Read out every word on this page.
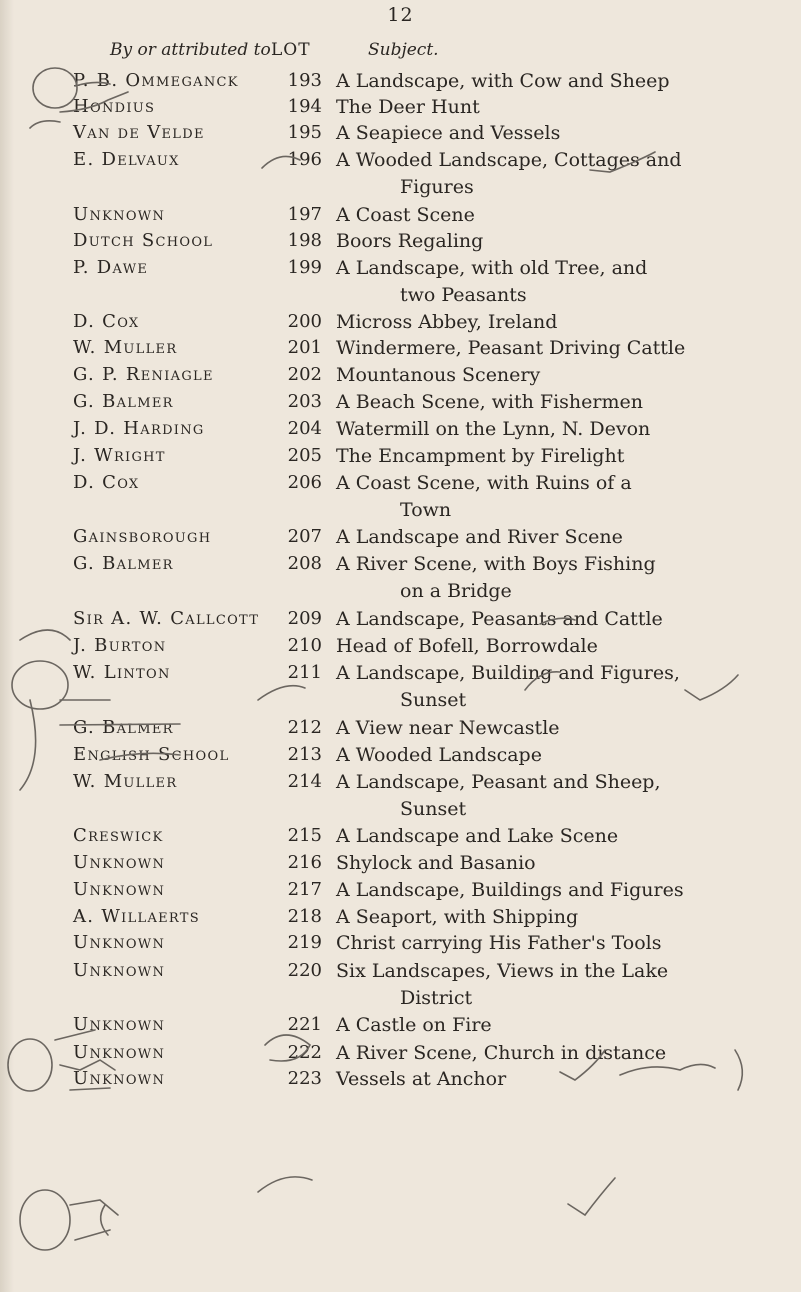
12
By or attributed to LOT	Subject.
P. B. Ommeganck	193 A Landscape, with Cow and Sheep
Hondius	194 The Deer Hunt
Van de Velde	195 A Seapiece and Vessels
E. Delvaux	196 A Wooded Landscape, Cottages and
Figures
Unknown	197 A Coast Scene
Dutch School	198 Boors Regaling
P. Dawe	199 A Landscape, with old Tree, and
two Peasants
D. Cox	200 Micross Abbey, Ireland
W. Muller	201 Windermere, Peasant Driving Cattle
G. P. Reniagle	202 Mountanous Scenery
G. Balmer	203 A Beach Scene, with Fishermen
J. D. Harding	204 Watermill on the Lynn, N. Devon
J. Wright	205 The Encampment by Firelight
D. Cox	206 A Coast Scene, with Ruins of a
Town
Gainsborough	207 A Landscape and River Scene
G. Balmer	208 A River Scene, with Boys Fishing
on a Bridge
Sir A. W. Callcott	209 A Landscape, Peasants and Cattle
J. Burton	210 Head of Bofell, Borrowdale
W. Linton	211 A Landscape, Building and Figures,
Sunset
G. Balmer	212 A View near Newcastle
English School	213 A Wooded Landscape
W. Muller	214 A Landscape, Peasant and Sheep,
Sunset
Creswick	215 A Landscape and Lake Scene
Unknown	216 Shylock and Basanio
Unknown	217 A Landscape, Buildings and Figures
A. Willaerts	218 A Seaport, with Shipping
Unknown	219 Christ carrying His Father's Tools
Unknown	220 Six Landscapes, Views in the Lake
District
Unknown	221 A Castle on Fire
Unknown	222 A River Scene, Church in distance
Unknown	223 Vessels at Anchor
